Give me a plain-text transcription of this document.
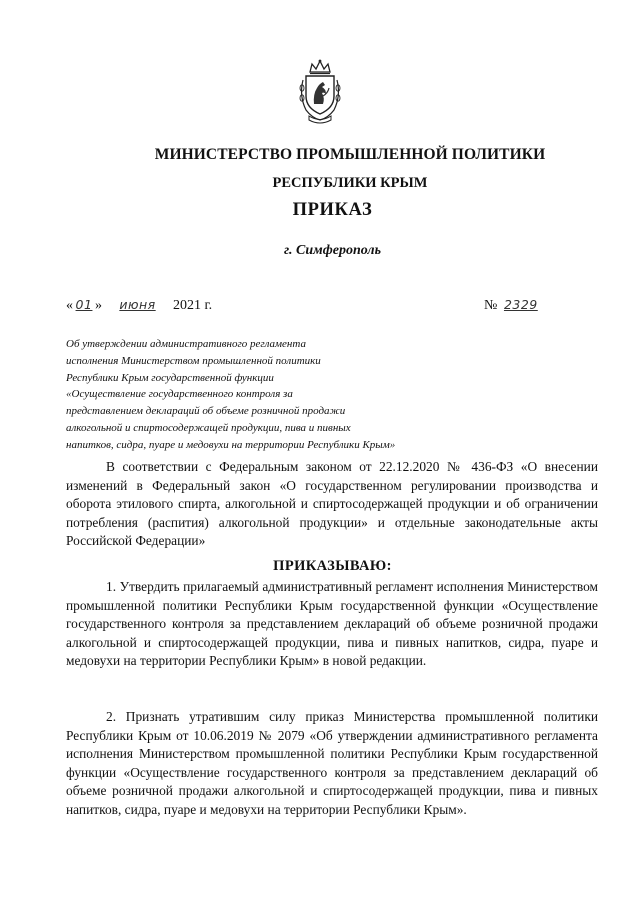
МИНИСТЕРСТВО ПРОМЫШЛЕННОЙ ПОЛИТИКИ
РЕСПУБЛИКИ КРЫМ
ПРИКАЗ
г. Симферополь
« 01 » июня 2021 г.	№ 2329
Об утверждении административного регламента
исполнения Министерством промышленной политики
Республики Крым государственной функции
«Осуществление государственного контроля за
представлением деклараций об объеме розничной продажи
алкогольной и спиртосодержащей продукции, пива и пивных
напитков, сидра, пуаре и медовухи на территории Республики Крым»
В соответствии с Федеральным законом от 22.12.2020 № 436-ФЗ «О внесении изменений в Федеральный закон «О государственном регулировании производства и оборота этилового спирта, алкогольной и спиртосодержащей продукции и об ограничении потребления (распития) алкогольной продукции» и отдельные законодательные акты Российской Федерации»
ПРИКАЗЫВАЮ:
1. Утвердить прилагаемый административный регламент исполнения Министерством промышленной политики Республики Крым государственной функции «Осуществление государственного контроля за представлением деклараций об объеме розничной продажи алкогольной и спиртосодержащей продукции, пива и пивных напитков, сидра, пуаре и медовухи на территории Республики Крым» в новой редакции.
2. Признать утратившим силу приказ Министерства промышленной политики Республики Крым от 10.06.2019 № 2079 «Об утверждении административного регламента исполнения Министерством промышленной политики Республики Крым государственной функции «Осуществление государственного контроля за представлением деклараций об объеме розничной продажи алкогольной и спиртосодержащей продукции, пива и пивных напитков, сидра, пуаре и медовухи на территории Республики Крым».
